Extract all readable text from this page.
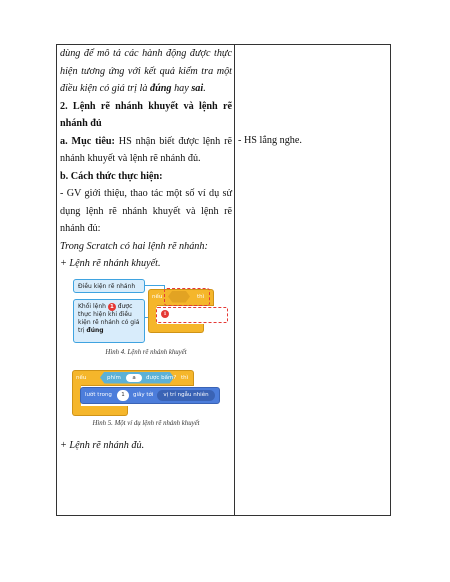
dùng để mô tả các hành động được thực hiện tương ứng với kết quả kiểm tra một điều kiện có giá trị là đúng hay sai.

2. Lệnh rẽ nhánh khuyết và lệnh rẽ nhánh đủ

a. Mục tiêu: HS nhận biết được lệnh rẽ nhánh khuyết và lệnh rẽ nhánh đủ.

b. Cách thức thực hiện:

- GV giới thiệu, thao tác một số ví dụ sử dụng lệnh rẽ nhánh khuyết và lệnh rẽ nhánh đủ:

Trong Scratch có hai lệnh rẽ nhánh:

+ Lệnh rẽ nhánh khuyết.

Điều kiện rẽ nhánh
Khối lệnh 1 được thực hiện khi điều kiện rẽ nhánh có giá trị đúng
nếu	thì
1

Hình 4. Lệnh rẽ nhánh khuyết

nếu	phím	a	được bấm? thì
lướt trong	1	giây tới	vị trí ngẫu nhiên

Hình 5. Một ví dụ lệnh rẽ nhánh khuyết

+ Lệnh rẽ nhánh đủ.

- HS lắng nghe.
